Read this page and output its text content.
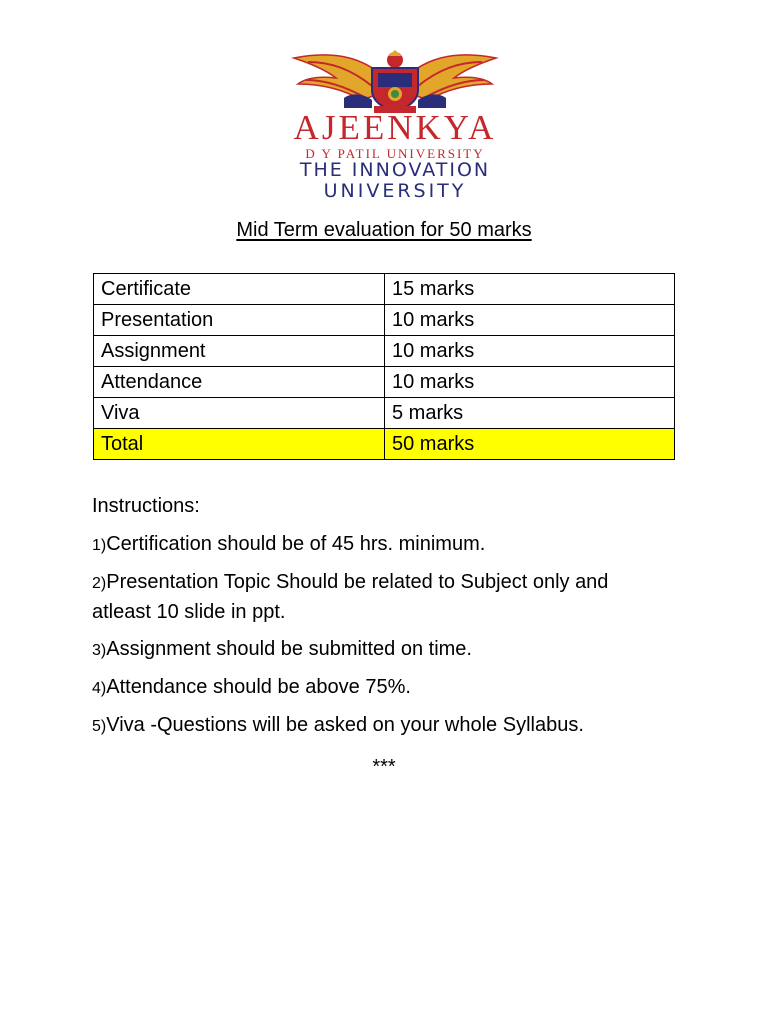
AJEENKYA
D Y PATIL UNIVERSITY
THE INNOVATION
UNIVERSITY
Mid Term evaluation for 50 marks
Certificate	15 marks
Presentation	10 marks
Assignment	10 marks
Attendance	10 marks
Viva	5 marks
Total	50 marks
Instructions:
1)Certification should be of 45 hrs. minimum.
2)Presentation Topic Should be related to Subject only and atleast 10 slide in ppt.
3)Assignment should be submitted on time.
4)Attendance should be above 75%.
5)Viva -Questions will be asked on your whole Syllabus.
***
